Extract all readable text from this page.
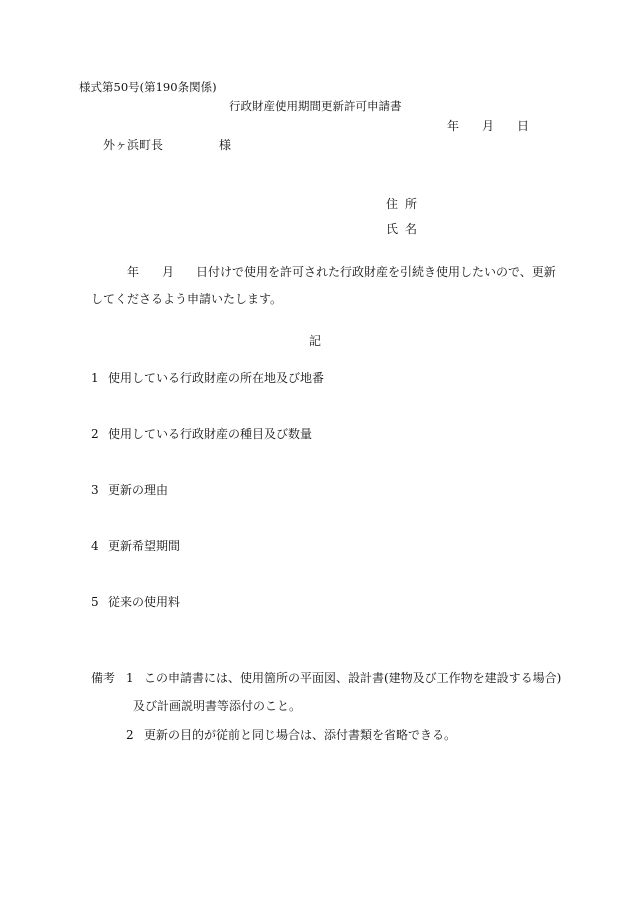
様式第50号(第190条関係)
行政財産使用期間更新許可申請書
年 月 日
外ヶ浜町長	様
住所
氏名
年 月 日付けで使用を許可された行政財産を引続き使用したいので、更新
してくださるよう申請いたします。
記
1 使用している行政財産の所在地及び地番
2 使用している行政財産の種目及び数量
3 更新の理由
4 更新希望期間
5 従来の使用料
備考 1 この申請書には、使用箇所の平面図、設計書(建物及び工作物を建設する場合)
及び計画説明書等添付のこと。
2 更新の目的が従前と同じ場合は、添付書類を省略できる。
